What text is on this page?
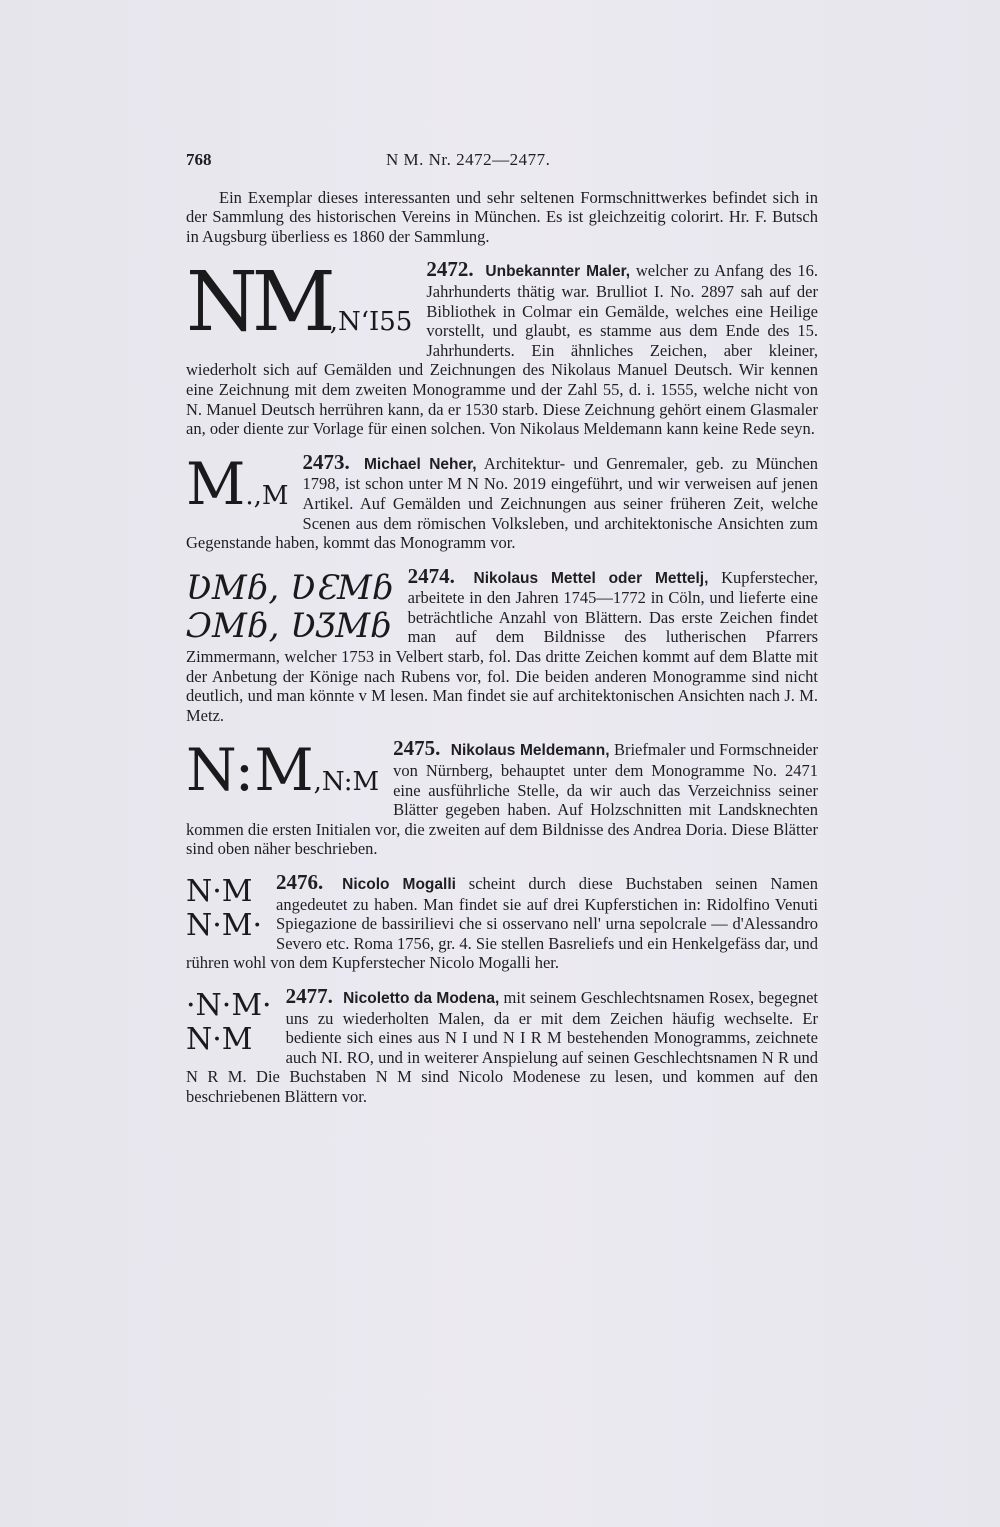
768	N M. Nr. 2472—2477.

Ein Exemplar dieses interessanten und sehr seltenen Formschnittwerkes befindet sich in der Sammlung des historischen Vereins in München. Es ist gleichzeitig colorirt. Hr. F. Butsch in Augsburg überliess es 1860 der Sammlung.

NM,NʻI55

2472. Unbekannter Maler, welcher zu Anfang des 16. Jahrhunderts thätig war. Brulliot I. No. 2897 sah auf der Bibliothek in Colmar ein Gemälde, welches eine Heilige vorstellt, und glaubt, es stamme aus dem Ende des 15. Jahrhunderts. Ein ähnliches Zeichen, aber kleiner, wiederholt sich auf Gemälden und Zeichnungen des Nikolaus Manuel Deutsch. Wir kennen eine Zeichnung mit dem zweiten Monogramme und der Zahl 55, d. i. 1555, welche nicht von N. Manuel Deutsch herrühren kann, da er 1530 starb. Diese Zeichnung gehört einem Glasmaler an, oder diente zur Vorlage für einen solchen. Von Nikolaus Meldemann kann keine Rede seyn.

M.,M

2473. Michael Neher, Architektur- und Genremaler, geb. zu München 1798, ist schon unter M N No. 2019 eingeführt, und wir verweisen auf jenen Artikel. Auf Gemälden und Zeichnungen aus seiner früheren Zeit, welche Scenen aus dem römischen Volksleben, und architektonische Ansichten zum Gegenstande haben, kommt das Monogramm vor.

ƲMɓ, ƲƐMɓ
ƆMɓ, ƲƷMɓ

2474. Nikolaus Mettel oder Mettelj, Kupferstecher, arbeitete in den Jahren 1745—1772 in Cöln, und lieferte eine beträchtliche Anzahl von Blättern. Das erste Zeichen findet man auf dem Bildnisse des lutherischen Pfarrers Zimmermann, welcher 1753 in Velbert starb, fol. Das dritte Zeichen kommt auf dem Blatte mit der Anbetung der Könige nach Rubens vor, fol. Die beiden anderen Monogramme sind nicht deutlich, und man könnte v M lesen. Man findet sie auf architektonischen Ansichten nach J. M. Metz.

N:M,N:M

2475. Nikolaus Meldemann, Briefmaler und Formschneider von Nürnberg, behauptet unter dem Monogramme No. 2471 eine ausführliche Stelle, da wir auch das Verzeichniss seiner Blätter gegeben haben. Auf Holzschnitten mit Landsknechten kommen die ersten Initialen vor, die zweiten auf dem Bildnisse des Andrea Doria. Diese Blätter sind oben näher beschrieben.

N·M
N·M·

2476. Nicolo Mogalli scheint durch diese Buchstaben seinen Namen angedeutet zu haben. Man findet sie auf drei Kupferstichen in: Ridolfino Venuti Spiegazione de bassirilievi che si osservano nell' urna sepolcrale — d'Alessandro Severo etc. Roma 1756, gr. 4. Sie stellen Basreliefs und ein Henkelgefäss dar, und rühren wohl von dem Kupferstecher Nicolo Mogalli her.

·N·M·
N·M

2477. Nicoletto da Modena, mit seinem Geschlechtsnamen Rosex, begegnet uns zu wiederholten Malen, da er mit dem Zeichen häufig wechselte. Er bediente sich eines aus N I und N I R M bestehenden Monogramms, zeichnete auch NI. RO, und in weiterer Anspielung auf seinen Geschlechtsnamen N R und N R M. Die Buchstaben N M sind Nicolo Modenese zu lesen, und kommen auf den beschriebenen Blättern vor.
